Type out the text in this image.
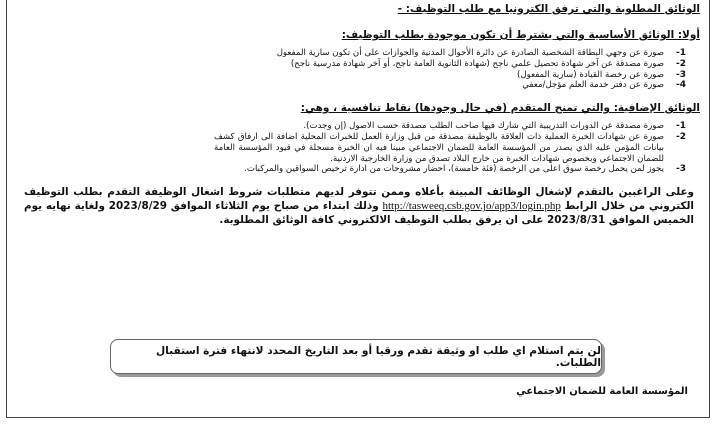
الوثائق المطلوبة والتي ترفق الكترونيا مع طلب التوظيف: -

أولا: الوثائق الأساسية والتي يشترط أن تكون موجودة بطلب التوظيف:

1 -
صورة عن وجهي البطاقة الشخصية الصادرة عن دائرة الأحوال المدنية والجوازات على أن تكون سارية المفعول
2 -
صورة مصدقة عن آخر شهادة تحصيل علمي ناجح (شهادة الثانوية العامة ناجح، أو آخر شهادة مدرسية ناجح)
3 -
صورة عن رخصة القيادة (سارية المفعول)
4 -
صورة عن دفتر خدمة العلم مؤجل/معفي

الوثائق الإضافية: والتي تمنح المتقدم (في حال وجودها) نقاط تنافسية ، وهي:

1 -
صورة مصدقة عن الدورات التدريبية التي شارك فيها صاحب الطلب مصدقة حسب الاصول (إن وجدت).
2 -
صورة عن شهادات الخبرة العملية ذات العلاقة بالوظيفة مصدقة من قبل وزارة العمل للخبرات المحلية اضافة الى ارفاق كشف بيانات المؤمن عليه الذي يصدر من المؤسسة العامة للضمان الاجتماعي مبينا فيه ان الخبرة مسجلة في قيود المؤسسة العامة للضمان الاجتماعي وبخصوص شهادات الخبرة من خارج البلاد تصدق من وزارة الخارجية الاردنية.
3 -
يجوز لمن يحمل رخصة سوق اعلى من الرخصة (فئة خامسة)، احضار مشروحات من ادارة ترخيص السواقين والمركبات.

وعلى الراغبين بالتقدم لإشغال الوظائف المبينة بأعلاه وممن تتوفر لديهم متطلبات شروط اشغال الوظيفة التقدم بطلب التوظيف الكتروني من خلال الرابط http://tasweeq.csb.gov.jo/app3/login.php وذلك ابتداء من صباح يوم الثلاثاء الموافق 2023/8/29 ولغاية نهايه يوم الخميس الموافق 2023/8/31 على ان يرفق بطلب التوظيف الالكتروني كافة الوثائق المطلوبة.

لن يتم استلام اي طلب او وثيقة تقدم ورقيا أو بعد التاريخ المحدد لانتهاء فترة استقبال الطلبات.
المؤسسة العامة للضمان الاجتماعي
